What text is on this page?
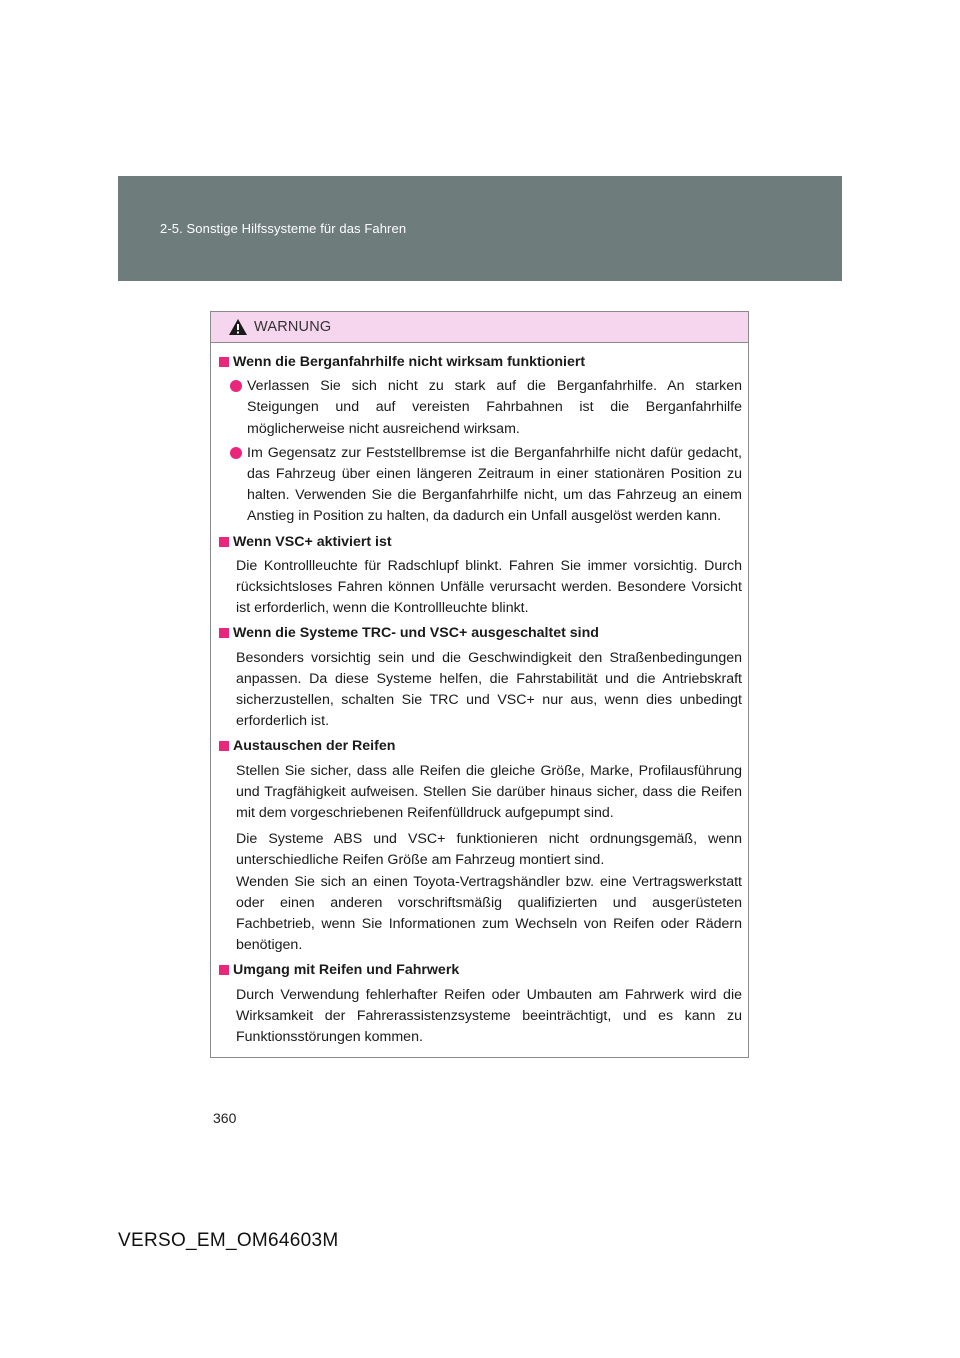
2-5. Sonstige Hilfssysteme für das Fahren
WARNUNG
Wenn die Berganfahrhilfe nicht wirksam funktioniert
Verlassen Sie sich nicht zu stark auf die Berganfahrhilfe. An starken Steigungen und auf vereisten Fahrbahnen ist die Berganfahrhilfe möglicherweise nicht ausreichend wirksam.
Im Gegensatz zur Feststellbremse ist die Berganfahrhilfe nicht dafür gedacht, das Fahrzeug über einen längeren Zeitraum in einer stationären Position zu halten. Verwenden Sie die Berganfahrhilfe nicht, um das Fahrzeug an einem Anstieg in Position zu halten, da dadurch ein Unfall ausgelöst werden kann.
Wenn VSC+ aktiviert ist
Die Kontrollleuchte für Radschlupf blinkt. Fahren Sie immer vorsichtig. Durch rücksichtsloses Fahren können Unfälle verursacht werden. Besondere Vorsicht ist erforderlich, wenn die Kontrollleuchte blinkt.
Wenn die Systeme TRC- und VSC+ ausgeschaltet sind
Besonders vorsichtig sein und die Geschwindigkeit den Straßenbedingungen anpassen. Da diese Systeme helfen, die Fahrstabilität und die Antriebskraft sicherzustellen, schalten Sie TRC und VSC+ nur aus, wenn dies unbedingt erforderlich ist.
Austauschen der Reifen
Stellen Sie sicher, dass alle Reifen die gleiche Größe, Marke, Profilausführung und Tragfähigkeit aufweisen. Stellen Sie darüber hinaus sicher, dass die Reifen mit dem vorgeschriebenen Reifenfülldruck aufgepumpt sind.
Die Systeme ABS und VSC+ funktionieren nicht ordnungsgemäß, wenn unterschiedliche Reifen Größe am Fahrzeug montiert sind.
Wenden Sie sich an einen Toyota-Vertragshändler bzw. eine Vertragswerkstatt oder einen anderen vorschriftsmäßig qualifizierten und ausgerüsteten Fachbetrieb, wenn Sie Informationen zum Wechseln von Reifen oder Rädern benötigen.
Umgang mit Reifen und Fahrwerk
Durch Verwendung fehlerhafter Reifen oder Umbauten am Fahrwerk wird die Wirksamkeit der Fahrerassistenzsysteme beeinträchtigt, und es kann zu Funktionsstörungen kommen.
360
VERSO_EM_OM64603M
